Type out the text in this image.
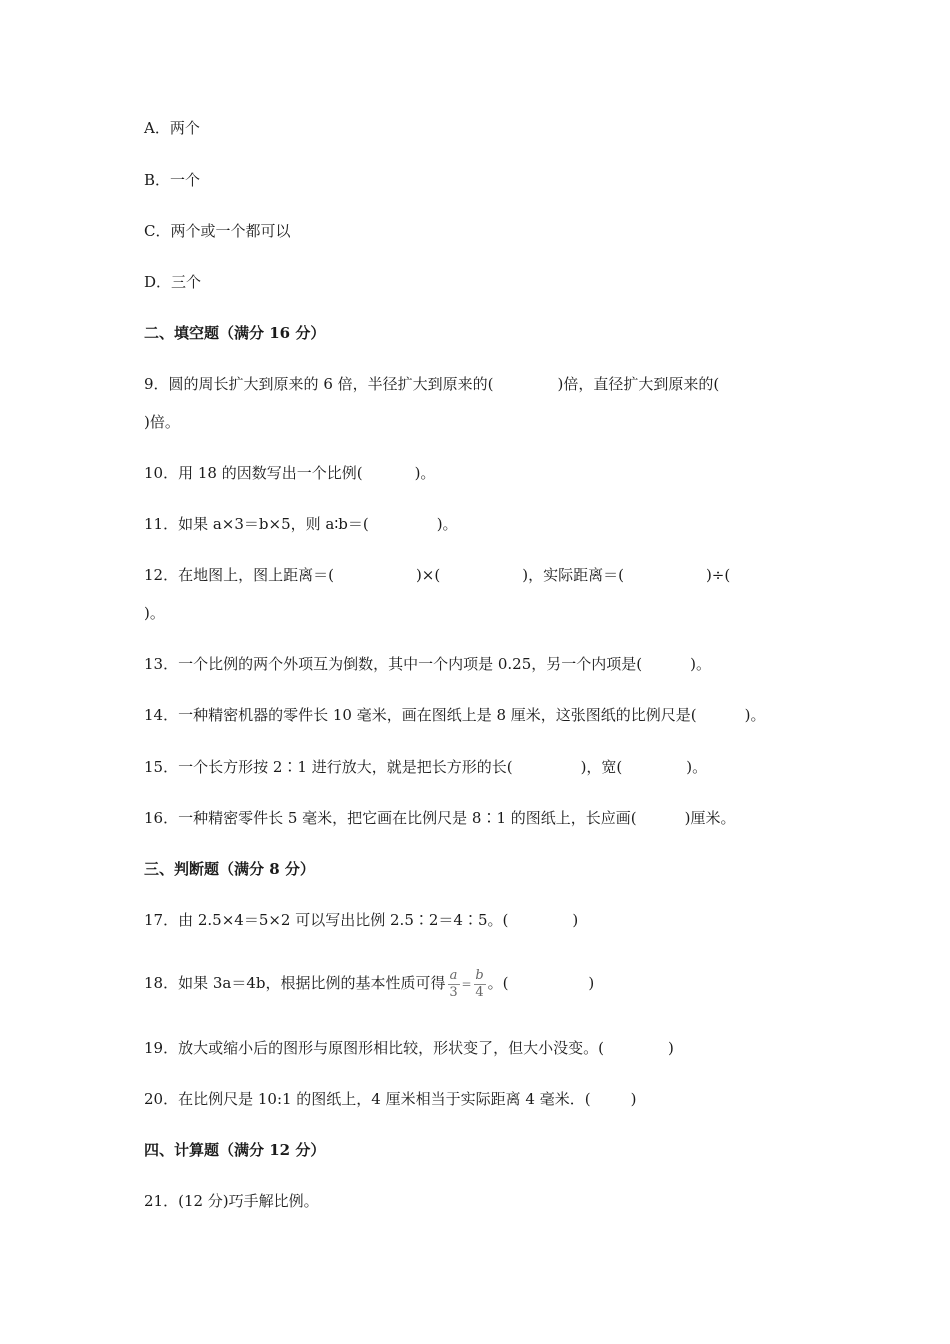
A．两个
B．一个
C．两个或一个都可以
D．三个
二、填空题（满分 16 分）
9．圆的周长扩大到原来的 6 倍，半径扩大到原来的(	)倍，直径扩大到原来的(
)倍。
10．用 18 的因数写出一个比例(	)。
11．如果 a×3＝b×5，则 a∶b＝(	)。
12．在地图上，图上距离＝(	)×(	)，实际距离＝(	)÷(
)。
13．一个比例的两个外项互为倒数，其中一个内项是 0.25，另一个内项是(	)。
14．一种精密机器的零件长 10 毫米，画在图纸上是 8 厘米，这张图纸的比例尺是(	)。
15．一个长方形按 2∶1 进行放大，就是把长方形的长(	)，宽(	)。
16．一种精密零件长 5 毫米，把它画在比例尺是 8∶1 的图纸上，长应画(	)厘米。
三、判断题（满分 8 分）
17．由 2.5×4＝5×2 可以写出比例 2.5∶2＝4∶5。(	)
18．如果 3a＝4b，根据比例的基本性质可得 $\frac{a}{3} = \frac{b}{4}$ 。(	)
19．放大或缩小后的图形与原图形相比较，形状变了，但大小没变。(	)
20．在比例尺是 10:1 的图纸上，4 厘米相当于实际距离 4 毫米．(	)
四、计算题（满分 12 分）
21．(12 分)巧手解比例。
